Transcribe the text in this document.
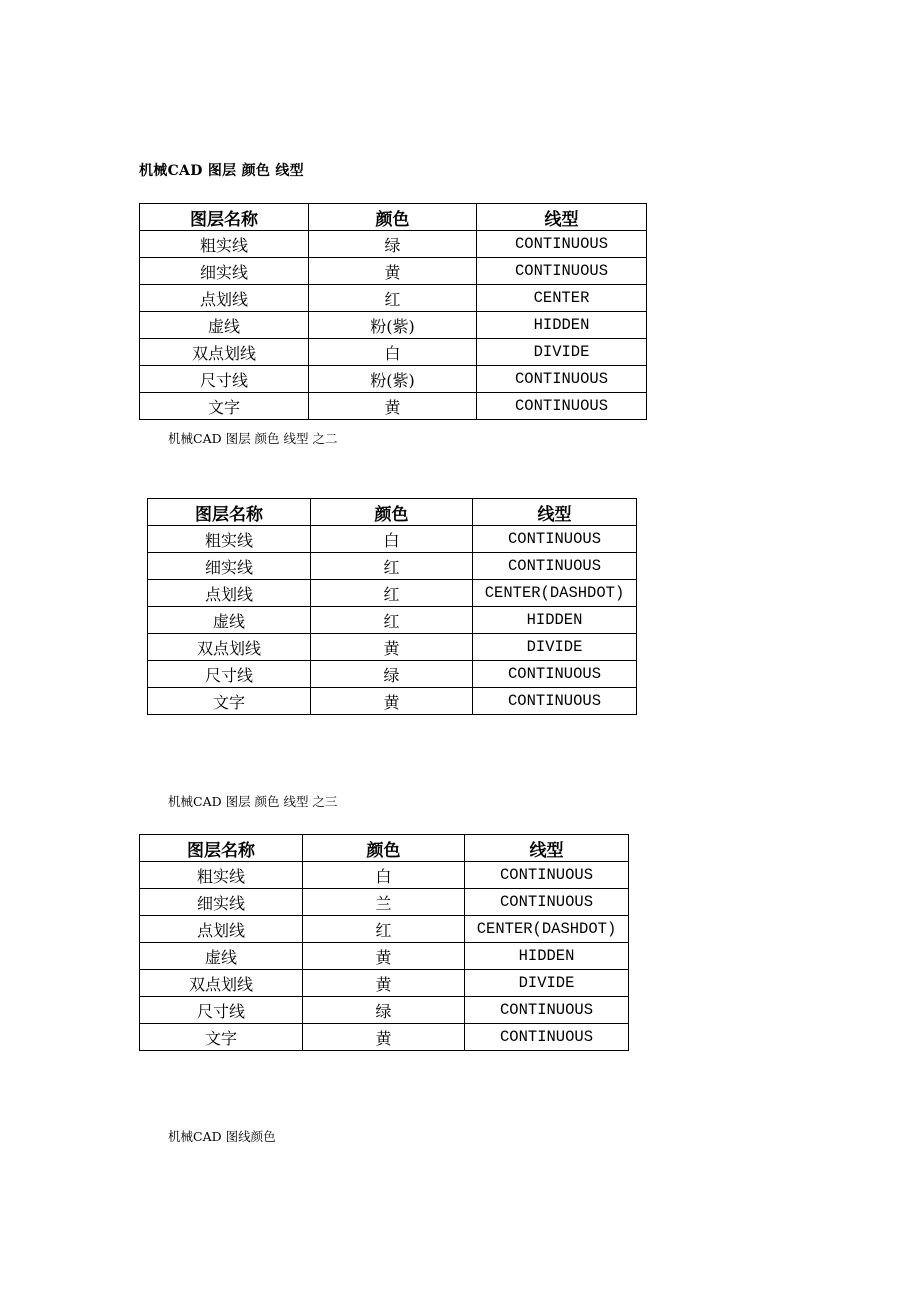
机械CAD 图层 颜色 线型
图层名称	颜色	线型
粗实线	绿	CONTINUOUS
细实线	黄	CONTINUOUS
点划线	红	CENTER
虚线	粉(紫)	HIDDEN
双点划线	白	DIVIDE
尺寸线	粉(紫)	CONTINUOUS
文字	黄	CONTINUOUS
机械CAD 图层 颜色 线型 之二
图层名称	颜色	线型
粗实线	白	CONTINUOUS
细实线	红	CONTINUOUS
点划线	红	CENTER(DASHDOT)
虚线	红	HIDDEN
双点划线	黄	DIVIDE
尺寸线	绿	CONTINUOUS
文字	黄	CONTINUOUS
机械CAD 图层 颜色 线型 之三
图层名称	颜色	线型
粗实线	白	CONTINUOUS
细实线	兰	CONTINUOUS
点划线	红	CENTER(DASHDOT)
虚线	黄	HIDDEN
双点划线	黄	DIVIDE
尺寸线	绿	CONTINUOUS
文字	黄	CONTINUOUS
机械CAD 图线颜色
